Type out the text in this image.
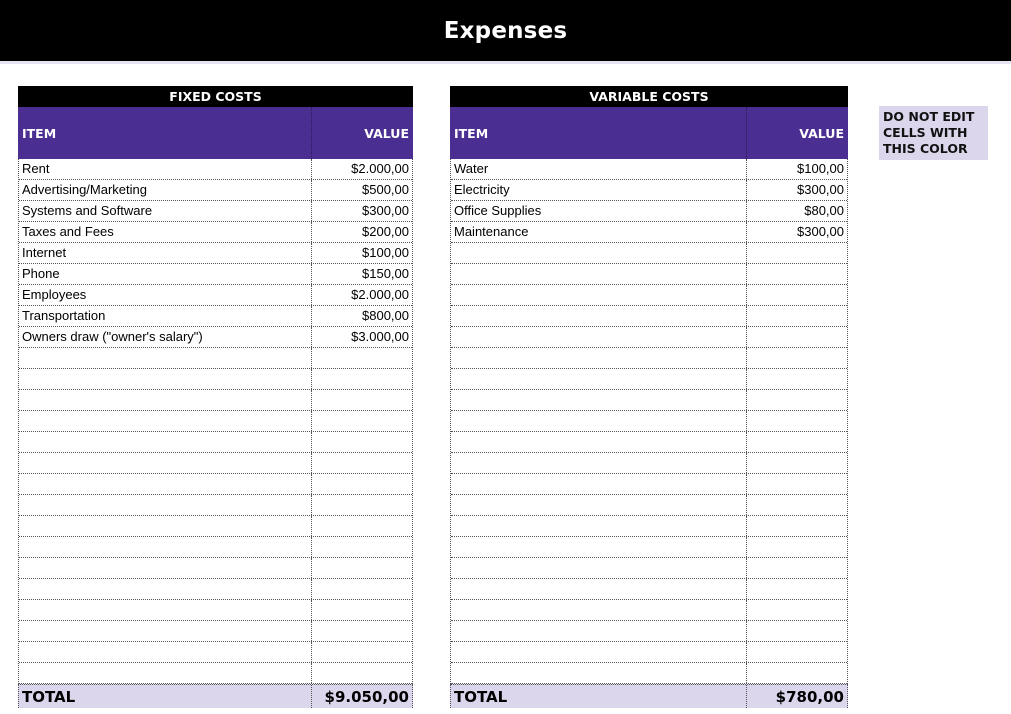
Expenses
FIXED COSTS
ITEM	VALUE
Rent	$2.000,00
Advertising/Marketing	$500,00
Systems and Software	$300,00
Taxes and Fees	$200,00
Internet	$100,00
Phone	$150,00
Employees	$2.000,00
Transportation	$800,00
Owners draw ("owner's salary")	$3.000,00
TOTAL	$9.050,00
VARIABLE COSTS
ITEM	VALUE
Water	$100,00
Electricity	$300,00
Office Supplies	$80,00
Maintenance	$300,00
TOTAL	$780,00
DO NOT EDIT CELLS WITH THIS COLOR
